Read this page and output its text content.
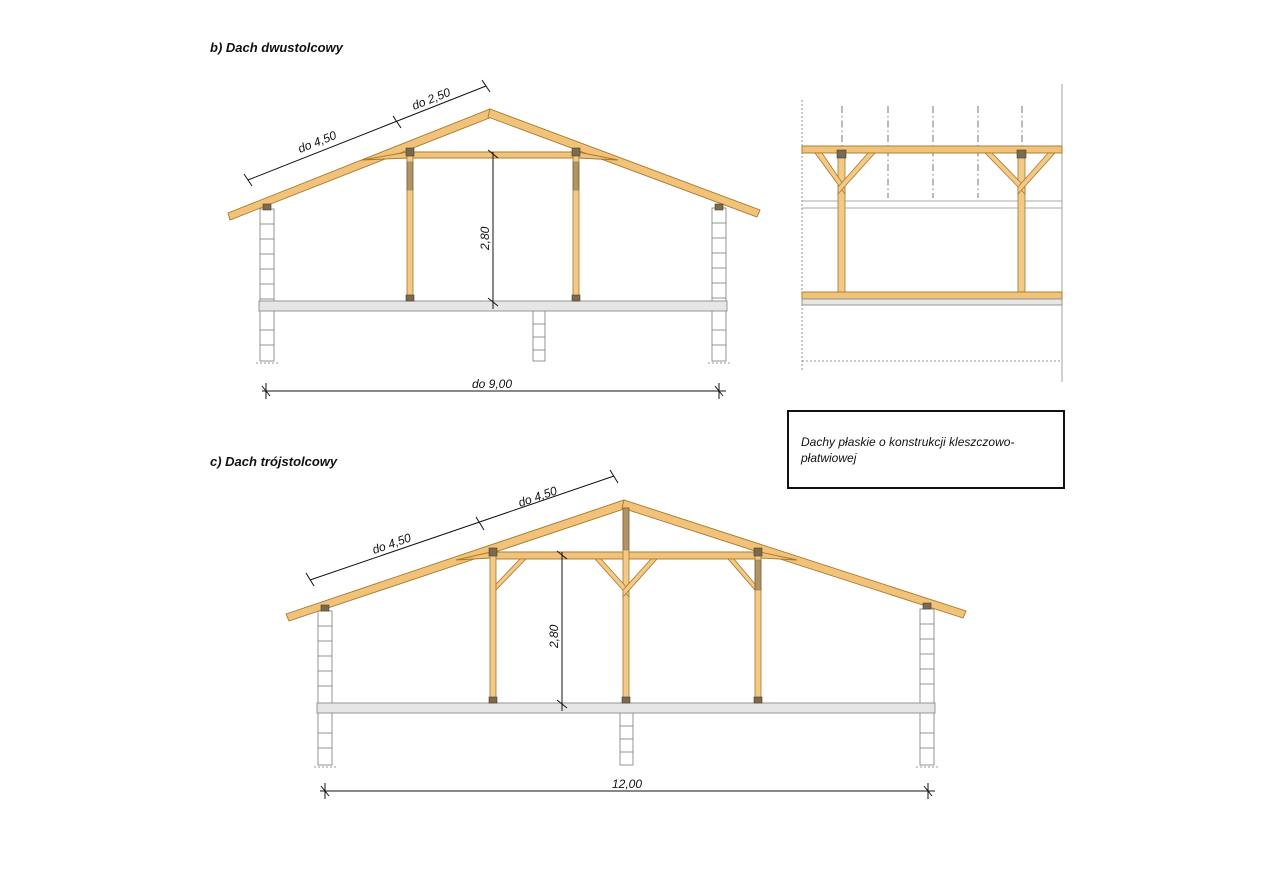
b) Dach dwustolcowy
do 4,50
do 2,50
2,80
do 9,00
Dachy płaskie o konstrukcji kleszczowo-
płatwiowej
c) Dach trójstolcowy
do 4,50
do 4,50
2,80
12,00
